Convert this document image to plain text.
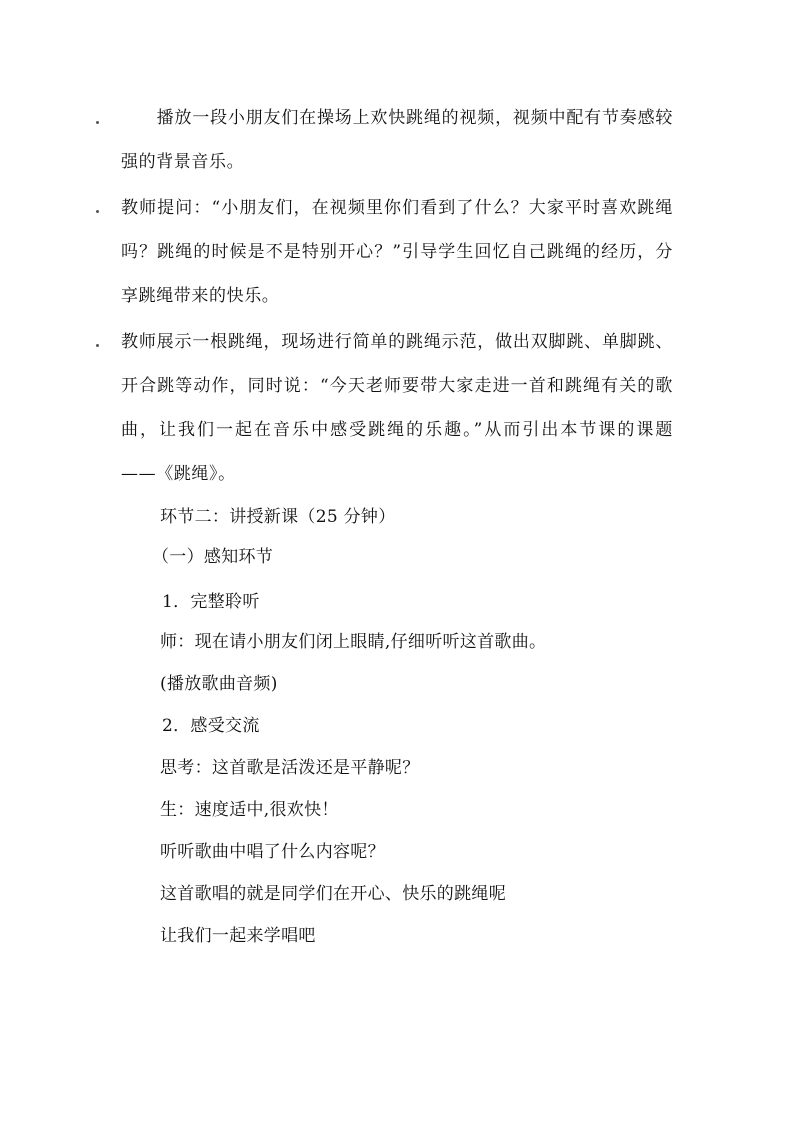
　　播放一段小朋友们在操场上欢快跳绳的视频，视频中配有节奏感较强的背景音乐。

教师提问：“小朋友们，在视频里你们看到了什么？大家平时喜欢跳绳吗？跳绳的时候是不是特别开心？”引导学生回忆自己跳绳的经历，分享跳绳带来的快乐。

教师展示一根跳绳，现场进行简单的跳绳示范，做出双脚跳、单脚跳、开合跳等动作，同时说：“今天老师要带大家走进一首和跳绳有关的歌曲，让我们一起在音乐中感受跳绳的乐趣。”从而引出本节课的课题 ——《跳绳》。

环节二：讲授新课（25 分钟）

（一）感知环节

1．完整聆听

师：现在请小朋友们闭上眼睛,仔细听听这首歌曲。

(播放歌曲音频)

2．感受交流

思考：这首歌是活泼还是平静呢？

生：速度适中,很欢快！

听听歌曲中唱了什么内容呢？

这首歌唱的就是同学们在开心、快乐的跳绳呢

让我们一起来学唱吧
